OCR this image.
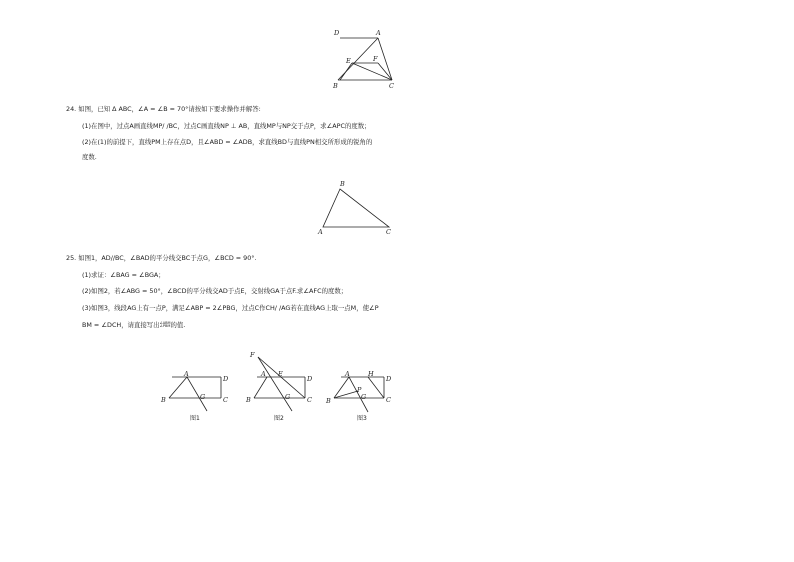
D	A
E	F
B	C
24. 如图，已知 ∆ ABC，∠A = ∠B = 70°请按如下要求操作并解答:
(1)在图中，过点A画直线MP/ /BC，过点C画直线NP ⊥ AB，直线MP与NP交于点P，求∠APC的度数；
(2)在(1)的前提下，直线PM上存在点D，且∠ABD = ∠ADB，求直线BD与直线PN相交所形成的锐角的
度数.
B
A	C
25. 如图1，AD//BC，∠BAD的平分线交BC于点G，∠BCD = 90°.
(1)求证：∠BAG = ∠BGA；
(2)如图2，若∠ABG = 50°，∠BCD的平分线交AD于点E，交射线GA于点F.求∠AFC的度数；
(3)如图3，线段AG上有一点P，满足∠ABP = 2∠PBG，过点C作CH/ /AG若在直线AG上取一点M，使∠P
BM = ∠DCH，请直接写出∠ABM
∠PBM的值.
A
D
B	G	C
图1
F
A E
D
B	G	C
图2
A	H
D
P
B	G	C
图3
